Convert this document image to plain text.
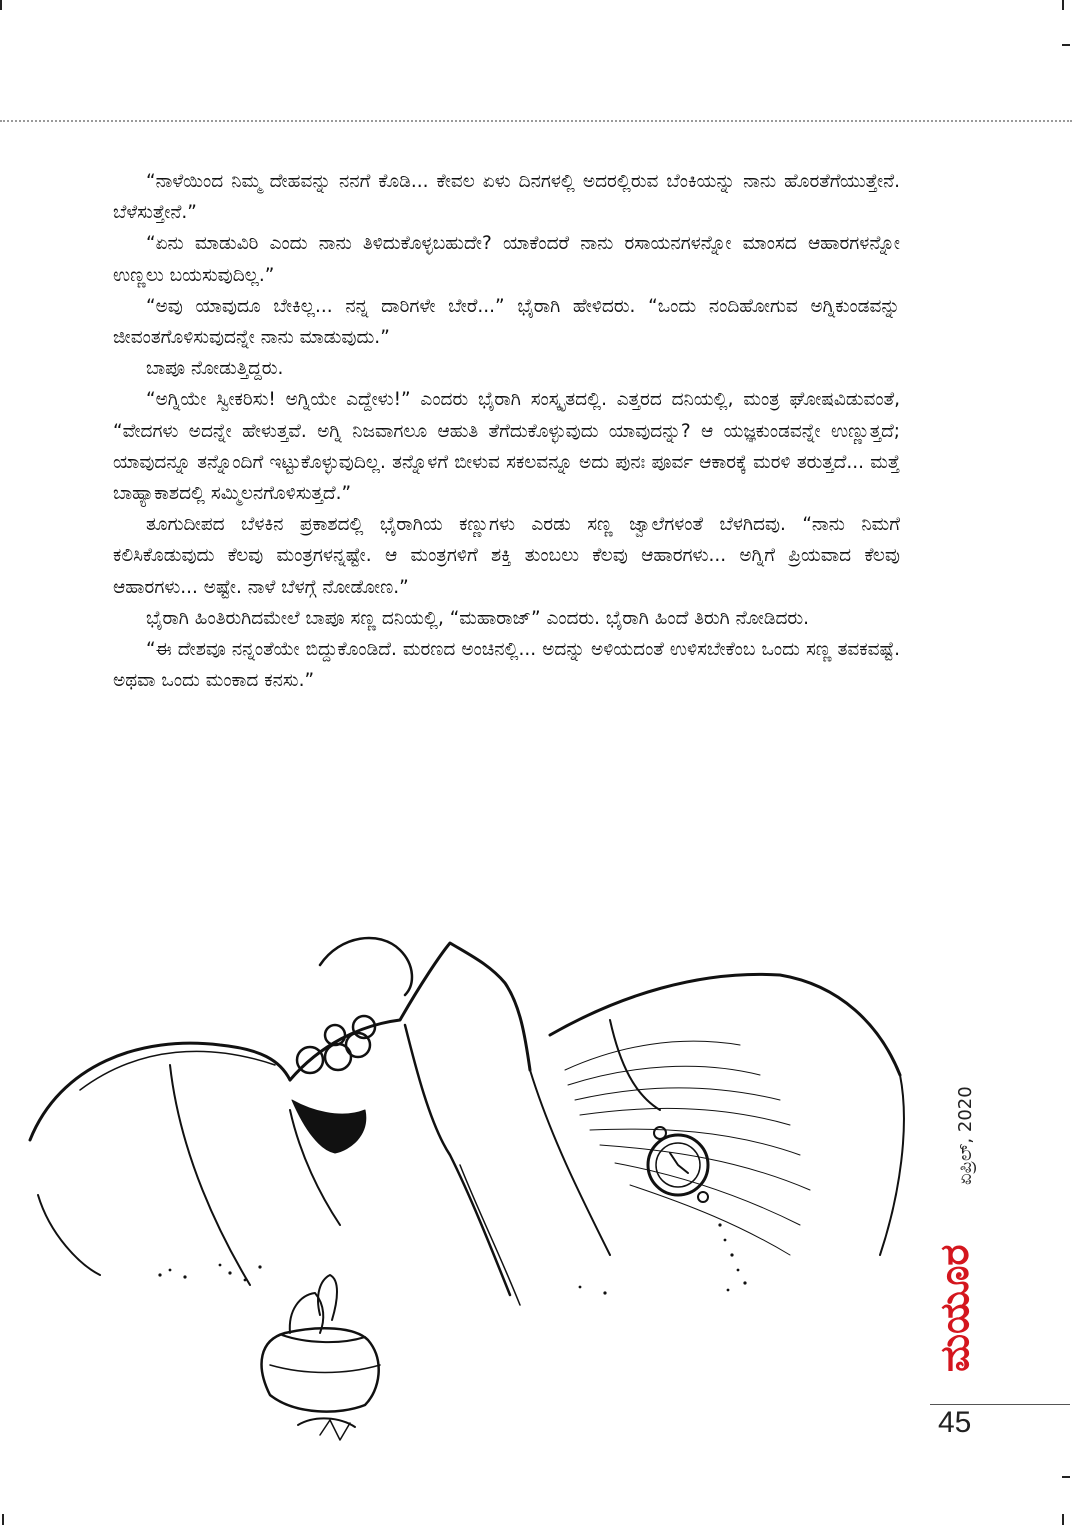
“ನಾಳೆಯಿಂದ ನಿಮ್ಮ ದೇಹವನ್ನು ನನಗೆ ಕೊಡಿ... ಕೇವಲ ಏಳು ದಿನಗಳಲ್ಲಿ ಅದರಲ್ಲಿರುವ ಬೆಂಕಿಯನ್ನು ನಾನು ಹೊರತೆಗೆಯುತ್ತೇನೆ. ಬೆಳೆಸುತ್ತೇನೆ.”

“ಏನು ಮಾಡುವಿರಿ ಎಂದು ನಾನು ತಿಳಿದುಕೊಳ್ಳಬಹುದೇ? ಯಾಕೆಂದರೆ ನಾನು ರಸಾಯನಗಳನ್ನೋ ಮಾಂಸದ ಆಹಾರಗಳನ್ನೋ ಉಣ್ಣಲು ಬಯಸುವುದಿಲ್ಲ.”

“ಅವು ಯಾವುದೂ ಬೇಕಿಲ್ಲ... ನನ್ನ ದಾರಿಗಳೇ ಬೇರೆ...” ಭೈರಾಗಿ ಹೇಳಿದರು. “ಒಂದು ನಂದಿಹೋಗುವ ಅಗ್ನಿಕುಂಡವನ್ನು ಜೀವಂತಗೊಳಿಸುವುದನ್ನೇ ನಾನು ಮಾಡುವುದು.”

ಬಾಪೂ ನೋಡುತ್ತಿದ್ದರು.

“ಅಗ್ನಿಯೇ ಸ್ವೀಕರಿಸು! ಅಗ್ನಿಯೇ ಎದ್ದೇಳು!” ಎಂದರು ಭೈರಾಗಿ ಸಂಸ್ಕೃತದಲ್ಲಿ. ಎತ್ತರದ ದನಿಯಲ್ಲಿ, ಮಂತ್ರ ಘೋಷವಿಡುವಂತೆ, “ವೇದಗಳು ಅದನ್ನೇ ಹೇಳುತ್ತವೆ. ಅಗ್ನಿ ನಿಜವಾಗಲೂ ಆಹುತಿ ತೆಗೆದುಕೊಳ್ಳುವುದು ಯಾವುದನ್ನು? ಆ ಯಜ್ಞಕುಂಡವನ್ನೇ ಉಣ್ಣುತ್ತದೆ; ಯಾವುದನ್ನೂ ತನ್ನೊಂದಿಗೆ ಇಟ್ಟುಕೊಳ್ಳುವುದಿಲ್ಲ. ತನ್ನೊಳಗೆ ಬೀಳುವ ಸಕಲವನ್ನೂ ಅದು ಪುನಃ ಪೂರ್ವ ಆಕಾರಕ್ಕೆ ಮರಳಿ ತರುತ್ತದೆ... ಮತ್ತೆ ಬಾಹ್ಯಾಕಾಶದಲ್ಲಿ ಸಮ್ಮಿಲನಗೊಳಿಸುತ್ತದೆ.”

ತೂಗುದೀಪದ ಬೆಳಕಿನ ಪ್ರಕಾಶದಲ್ಲಿ ಭೈರಾಗಿಯ ಕಣ್ಣುಗಳು ಎರಡು ಸಣ್ಣ ಜ್ವಾಲೆಗಳಂತೆ ಬೆಳಗಿದವು. “ನಾನು ನಿಮಗೆ ಕಲಿಸಿಕೊಡುವುದು ಕೆಲವು ಮಂತ್ರಗಳನ್ನಷ್ಟೇ. ಆ ಮಂತ್ರಗಳಿಗೆ ಶಕ್ತಿ ತುಂಬಲು ಕೆಲವು ಆಹಾರಗಳು... ಅಗ್ನಿಗೆ ಪ್ರಿಯವಾದ ಕೆಲವು ಆಹಾರಗಳು... ಅಷ್ಟೇ. ನಾಳೆ ಬೆಳಗ್ಗೆ ನೋಡೋಣ.”

ಭೈರಾಗಿ ಹಿಂತಿರುಗಿದಮೇಲೆ ಬಾಪೂ ಸಣ್ಣ ದನಿಯಲ್ಲಿ, “ಮಹಾರಾಜ್” ಎಂದರು. ಭೈರಾಗಿ ಹಿಂದೆ ತಿರುಗಿ ನೋಡಿದರು.

“ಈ ದೇಶವೂ ನನ್ನಂತೆಯೇ ಬಿದ್ದುಕೊಂಡಿದೆ. ಮರಣದ ಅಂಚಿನಲ್ಲಿ... ಅದನ್ನು ಅಳಿಯದಂತೆ ಉಳಿಸಬೇಕೆಂಬ ಒಂದು ಸಣ್ಣ ತವಕವಷ್ಟೆ. ಅಥವಾ ಒಂದು ಮಂಕಾದ ಕನಸು.”

ಏಪ್ರಿಲ್, 2020
ಮಯೂರ
45
